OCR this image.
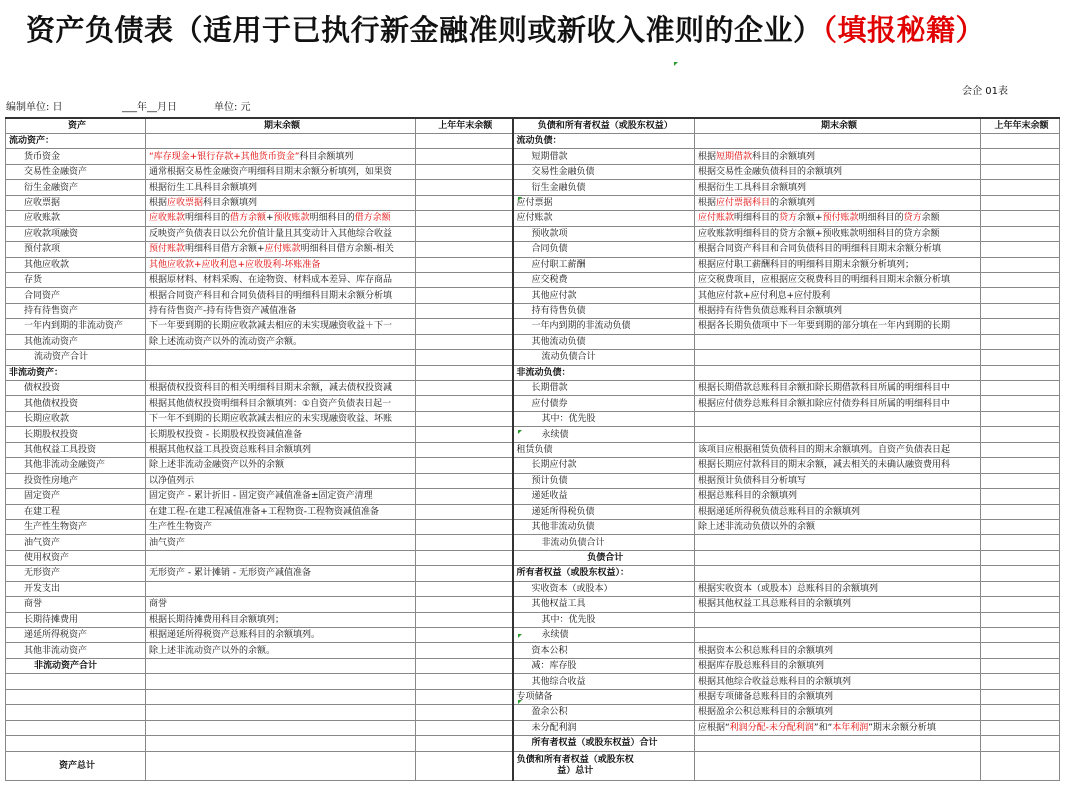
资产负债表（适用于已执行新金融准则或新收入准则的企业）（填报秘籍）
会企 01表
编制单位: 日	___年__月日	单位: 元
资产	期末余额	上年年末余额	负债和所有者权益（或股东权益）	期末余额	上年年末余额
流动资产：			流动负债：		
货币资金	“库存现金+银行存款+其他货币资金”科目余额填列		短期借款	根据短期借款科目的余额填列	
交易性金融资产	通常根据交易性金融资产明细科目期末余额分析填列，如果资		交易性金融负债	根据交易性金融负债科目的余额填列	
衍生金融资产	根据衍生工具科目余额填列		衍生金融负债	根据衍生工具科目余额填列	
应收票据	根据应收票据科目余额填列		应付票据	根据应付票据科目的余额填列	
应收账款	应收账款明细科目的借方余额+预收账款明细科目的借方余额		应付账款	应付账款明细科目的贷方余额+预付账款明细科目的贷方余额	
应收款项融资	反映资产负债表日以公允价值计量且其变动计入其他综合收益		预收款项	应收账款明细科目的贷方余额+预收账款明细科目的贷方余额	
预付款项	预付账款明细科目借方余额+应付账款明细科目借方余额-相关		合同负债	根据合同资产科目和合同负债科目的明细科目期末余额分析填	
其他应收款	其他应收款+应收利息+应收股利-坏账准备		应付职工薪酬	根据应付职工薪酬科目的明细科目期末余额分析填列；	
存货	根据原材料、材料采购、在途物资、材料成本差异、库存商品		应交税费	应交税费项目，应根据应交税费科目的明细科目期末余额分析填	
合同资产	根据合同资产科目和合同负债科目的明细科目期末余额分析填		其他应付款	其他应付款+应付利息+应付股利	
持有待售资产	持有待售资产-持有待售资产减值准备		持有待售负债	根据持有待售负债总账科目余额填列	
一年内到期的非流动资产	下一年要到期的长期应收款减去相应的未实现融资收益＋下一		一年内到期的非流动负债	根据各长期负债项中下一年要到期的部分填在一年内到期的长期	
其他流动资产	除上述流动资产以外的流动资产余额。		其他流动负债		
流动资产合计			流动负债合计		
非流动资产：			非流动负债：		
债权投资	根据债权投资科目的相关明细科目期末余额，减去债权投资减		长期借款	根据长期借款总账科目余额扣除长期借款科目所属的明细科目中	
其他债权投资	根据其他债权投资明细科目余额填列：①自资产负债表日起一		应付债券	根据应付债券总账科目余额扣除应付债券科目所属的明细科目中	
长期应收款	下一年不到期的长期应收款减去相应的未实现融资收益、坏账		其中：优先股		
长期股权投资	长期股权投资 - 长期股权投资减值准备		永续债		
其他权益工具投资	根据其他权益工具投资总账科目余额填列		租赁负债	该项目应根据租赁负债科目的期末余额填列。自资产负债表日起	
其他非流动金融资产	除上述非流动金融资产以外的余额		长期应付款	根据长期应付款科目的期末余额，减去相关的未确认融资费用科	
投资性房地产	以净值列示		预计负债	根据预计负债科目分析填写	
固定资产	固定资产 - 累计折旧 - 固定资产减值准备±固定资产清理		递延收益	根据总账科目的余额填列	
在建工程	在建工程-在建工程减值准备+工程物资-工程物资减值准备		递延所得税负债	根据递延所得税负债总账科目的余额填列	
生产性生物资产	生产性生物资产		其他非流动负债	除上述非流动负债以外的余额	
油气资产	油气资产		非流动负债合计		
使用权资产			负债合计		
无形资产	无形资产 - 累计摊销 - 无形资产减值准备		所有者权益（或股东权益）：		
开发支出			实收资本（或股本）	根据实收资本（或股本）总账科目的余额填列	
商誉	商誉		其他权益工具	根据其他权益工具总账科目的余额填列	
长期待摊费用	根据长期待摊费用科目余额填列；		其中：优先股		
递延所得税资产	根据递延所得税资产总账科目的余额填列。		永续债		
其他非流动资产	除上述非流动资产以外的余额。		资本公积	根据资本公积总账科目的余额填列	
非流动资产合计			减：库存股	根据库存股总账科目的余额填列	
			其他综合收益	根据其他综合收益总账科目的余额填列	
			专项储备	根据专项储备总账科目的余额填列	
			盈余公积	根据盈余公积总账科目的余额填列	
			未分配利润	应根据“利润分配-未分配利润”和“本年利润”期末余额分析填	
			所有者权益（或股东权益）合计		
资产总计			负债和所有者权益（或股东权益）总计		
